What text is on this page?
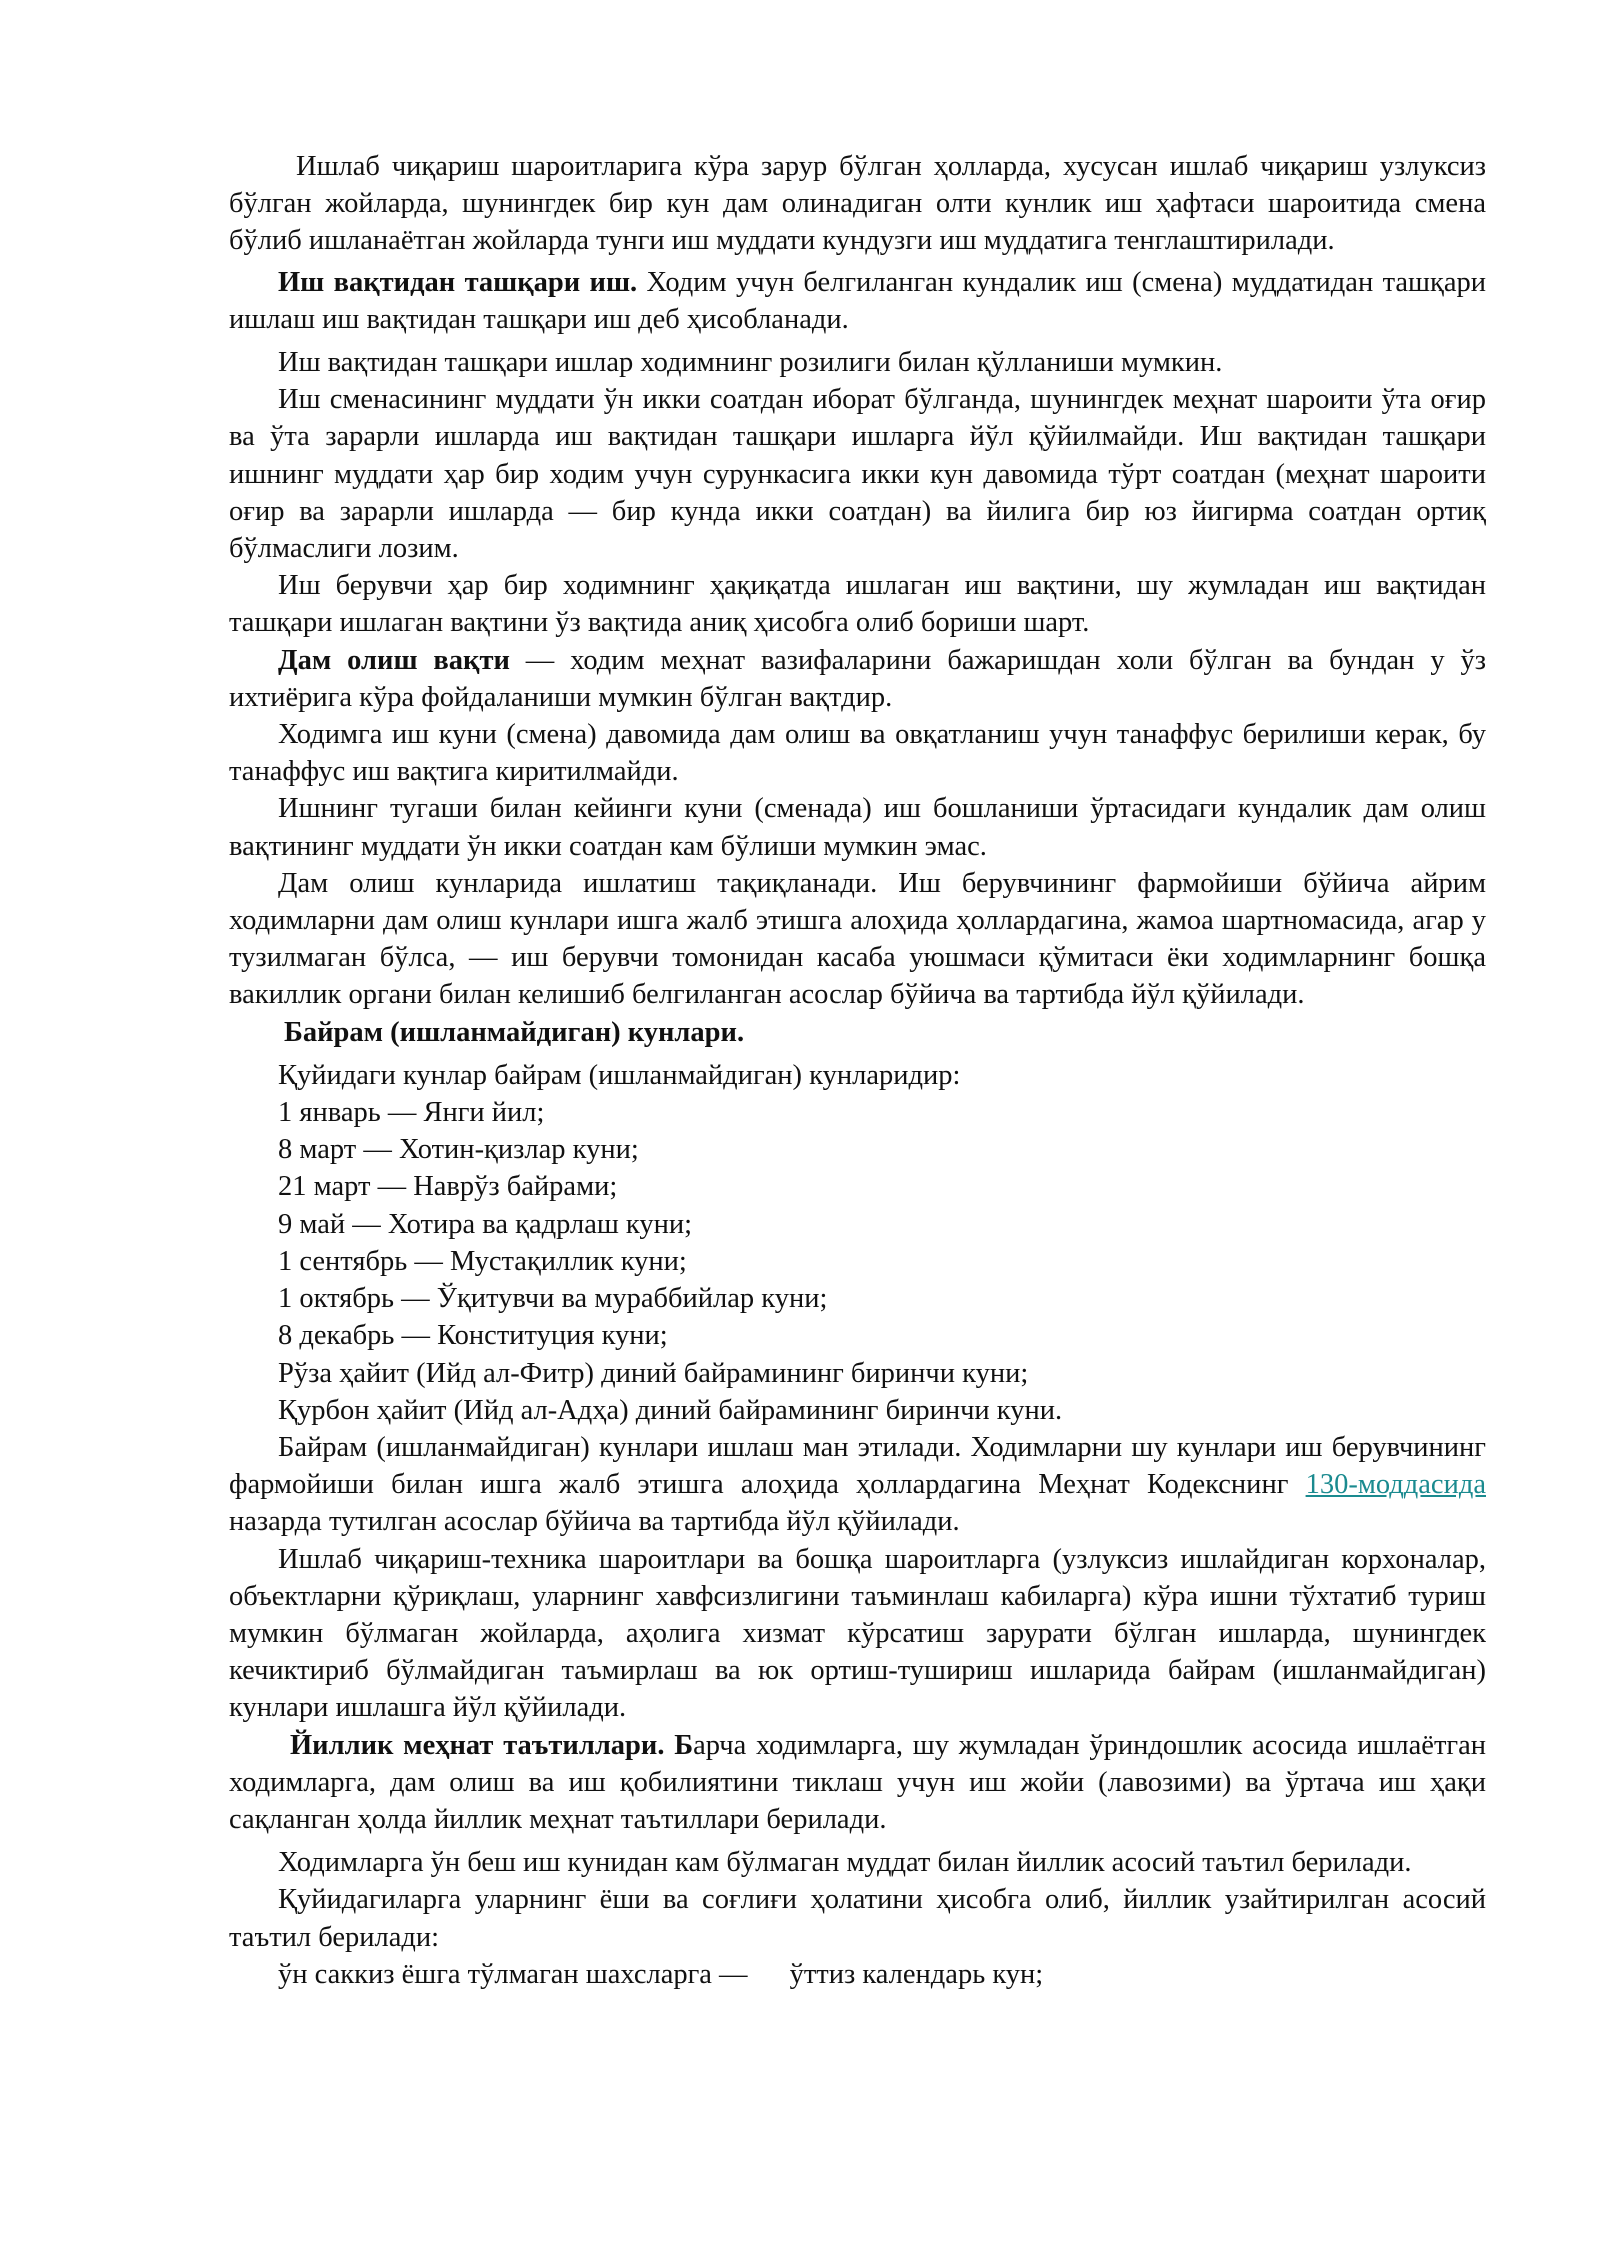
Ишлаб чиқариш шароитларига кўра зарур бўлган ҳолларда, хусусан ишлаб чиқариш узлуксиз бўлган жойларда, шунингдек бир кун дам олинадиган олти кунлик иш ҳафтаси шароитида смена бўлиб ишланаётган жойларда тунги иш муддати кундузги иш муддатига тенглаштирилади.

Иш вақтидан ташқари иш. Ходим учун белгиланган кундалик иш (смена) муддатидан ташқари ишлаш иш вақтидан ташқари иш деб ҳисобланади.

Иш вақтидан ташқари ишлар ходимнинг розилиги билан қўлланиши мумкин.

Иш сменасининг муддати ўн икки соатдан иборат бўлганда, шунингдек меҳнат шароити ўта оғир ва ўта зарарли ишларда иш вақтидан ташқари ишларга йўл қўйилмайди. Иш вақтидан ташқари ишнинг муддати ҳар бир ходим учун сурункасига икки кун давомида тўрт соатдан (меҳнат шароити оғир ва зарарли ишларда — бир кунда икки соатдан) ва йилига бир юз йигирма соатдан ортиқ бўлмаслиги лозим.

Иш берувчи ҳар бир ходимнинг ҳақиқатда ишлаган иш вақтини, шу жумладан иш вақтидан ташқари ишлаган вақтини ўз вақтида аниқ ҳисобга олиб бориши шарт.

Дам олиш вақти — ходим меҳнат вазифаларини бажаришдан холи бўлган ва бундан у ўз ихтиёрига кўра фойдаланиши мумкин бўлган вақтдир.

Ходимга иш куни (смена) давомида дам олиш ва овқатланиш учун танаффус берилиши керак, бу танаффус иш вақтига киритилмайди.

Ишнинг тугаши билан кейинги куни (сменада) иш бошланиши ўртасидаги кундалик дам олиш вақтининг муддати ўн икки соатдан кам бўлиши мумкин эмас.

Дам олиш кунларида ишлатиш тақиқланади. Иш берувчининг фармойиши бўйича айрим ходимларни дам олиш кунлари ишга жалб этишга алоҳида ҳоллардагина, жамоа шартномасида, агар у тузилмаган бўлса, — иш берувчи томонидан касаба уюшмаси қўмитаси ёки ходимларнинг бошқа вакиллик органи билан келишиб белгиланган асослар бўйича ва тартибда йўл қўйилади.

Байрам (ишланмайдиган) кунлари.

Қуйидаги кунлар байрам (ишланмайдиган) кунларидир:

1 январь — Янги йил;

8 март — Хотин-қизлар куни;

21 март — Наврўз байрами;

9 май — Хотира ва қадрлаш куни;

1 сентябрь — Мустақиллик куни;

1 октябрь — Ўқитувчи ва мураббийлар куни;

8 декабрь — Конституция куни;

Рўза ҳайит (Ийд ал-Фитр) диний байрамининг биринчи куни;

Қурбон ҳайит (Ийд ал-Адҳа) диний байрамининг биринчи куни.

Байрам (ишланмайдиган) кунлари ишлаш ман этилади. Ходимларни шу кунлари иш берувчининг фармойиши билан ишга жалб этишга алоҳида ҳоллардагина Меҳнат Кодекснинг 130-моддасида назарда тутилган асослар бўйича ва тартибда йўл қўйилади.

Ишлаб чиқариш-техника шароитлари ва бошқа шароитларга (узлуксиз ишлайдиган корхоналар, объектларни қўриқлаш, уларнинг хавфсизлигини таъминлаш кабиларга) кўра ишни тўхтатиб туриш мумкин бўлмаган жойларда, аҳолига хизмат кўрсатиш зарурати бўлган ишларда, шунингдек кечиктириб бўлмайдиган таъмирлаш ва юк ортиш-тушириш ишларида байрам (ишланмайдиган) кунлари ишлашга йўл қўйилади.

Йиллик меҳнат таътиллари. Барча ходимларга, шу жумладан ўриндошлик асосида ишлаётган ходимларга, дам олиш ва иш қобилиятини тиклаш учун иш жойи (лавозими) ва ўртача иш ҳақи сақланган ҳолда йиллик меҳнат таътиллари берилади.

Ходимларга ўн беш иш кунидан кам бўлмаган муддат билан йиллик асосий таътил берилади.

Қуйидагиларга уларнинг ёши ва соғлиғи ҳолатини ҳисобга олиб, йиллик узайтирилган асосий таътил берилади:

ўн саккиз ёшга тўлмаган шахсларга — ўттиз календарь кун;
